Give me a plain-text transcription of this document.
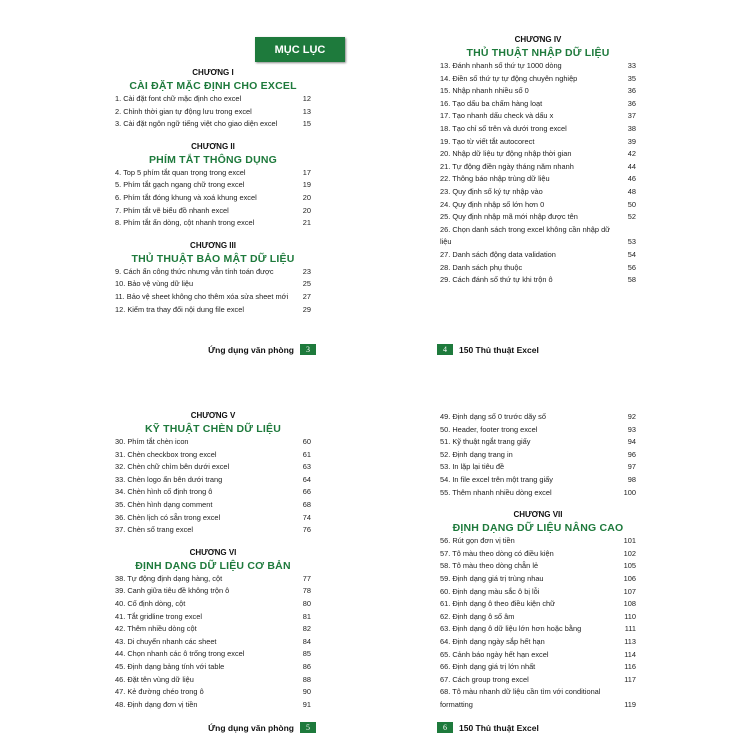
MỤC LỤC
CHƯƠNG I
CÀI ĐẶT MẶC ĐỊNH CHO EXCEL
1. Cài đặt font chữ mặc định cho excel	12
2. Chỉnh thời gian tự động lưu trong excel	13
3. Cài đặt ngôn ngữ tiếng việt cho giao diện excel	15
CHƯƠNG II
PHÍM TẮT THÔNG DỤNG
4. Top 5 phím tắt quan trọng trong excel	17
5. Phím tắt gạch ngang chữ trong excel	19
6. Phím tắt đóng khung và xoá khung excel	20
7. Phím tắt vẽ biểu đồ nhanh excel	20
8. Phím tắt ẩn dòng, cột nhanh trong excel	21
CHƯƠNG III
THỦ THUẬT BẢO MẬT DỮ LIỆU
9. Cách ẩn công thức nhưng vẫn tính toán được	23
10. Bảo vệ vùng dữ liệu	25
11. Bảo vệ sheet không cho thêm xóa sửa sheet mới	27
12. Kiểm tra thay đổi nội dung file excel	29
CHƯƠNG IV
THỦ THUẬT NHẬP DỮ LIỆU
13. Đánh nhanh số thứ tự 1000 dòng	33
14. Điền số thứ tự tự động chuyên nghiệp	35
15. Nhập nhanh nhiều số 0	36
16. Tạo dấu ba chấm hàng loạt	36
17. Tạo nhanh dấu check và dấu x	37
18. Tạo chỉ số trên và dưới trong excel	38
19. Tạo từ viết tắt autocorect	39
20. Nhập dữ liệu tự động nhập thời gian	42
21. Tự động điền ngày tháng năm nhanh	44
22. Thông báo nhập trùng dữ liệu	46
23. Quy định số ký tự nhập vào	48
24. Quy định nhập số lớn hơn 0	50
25. Quy định nhập mã mới nhập được tên	52
26. Chọn danh sách trong excel không cần nhập dữ liệu	53
27. Danh sách động data validation	54
28. Danh sách phụ thuộc	56
29. Cách đánh số thứ tự khi trộn ô	58
CHƯƠNG V
KỸ THUẬT CHÈN DỮ LIỆU
30. Phím tắt chèn icon	60
31. Chèn checkbox trong excel	61
32. Chèn chữ chìm bên dưới excel	63
33. Chèn logo ẩn bên dưới trang	64
34. Chèn hình cố định trong ô	66
35. Chèn hình dạng comment	68
36. Chèn lịch có sẵn trong excel	74
37. Chèn số trang excel	76
CHƯƠNG VI
ĐỊNH DẠNG DỮ LIỆU CƠ BẢN
38. Tự động định dạng hàng, cột	77
39. Canh giữa tiêu đề không trộn ô	78
40. Cố định dòng, cột	80
41. Tắt gridline trong excel	81
42. Thêm nhiều dòng cột	82
43. Di chuyển nhanh các sheet	84
44. Chọn nhanh các ô trống trong excel	85
45. Định dạng bảng tính với table	86
46. Đặt tên vùng dữ liệu	88
47. Kẻ đường chéo trong ô	90
48. Định dạng đơn vị tiền	91
49. Định dạng số 0 trước dãy số	92
50. Header, footer trong excel	93
51. Kỹ thuật ngắt trang giấy	94
52. Định dạng trang in	96
53. In lặp lại tiêu đề	97
54. In file excel trên một trang giấy	98
55. Thêm nhanh nhiều dòng excel	100
CHƯƠNG VII
ĐỊNH DẠNG DỮ LIỆU NÂNG CAO
56. Rút gọn đơn vị tiền	101
57. Tô màu theo dòng có điều kiện	102
58. Tô màu theo dòng chẵn lẻ	105
59. Định dạng giá trị trùng nhau	106
60. Định dạng màu sắc ô bị lỗi	107
61. Định dạng ô theo điều kiện chữ	108
62. Định dạng ô số âm	110
63. Định dạng ô dữ liệu lớn hơn hoặc bằng	111
64. Định dạng ngày sắp hết hạn	113
65. Cảnh báo ngày hết hạn excel	114
66. Định dạng giá trị lớn nhất	116
67. Cách group trong excel	117
68. Tô màu nhanh dữ liệu cần tìm với conditional formatting	119
Ứng dụng văn phòng	3	4	150 Thủ thuật Excel
Ứng dụng văn phòng	5	6	150 Thủ thuật Excel
